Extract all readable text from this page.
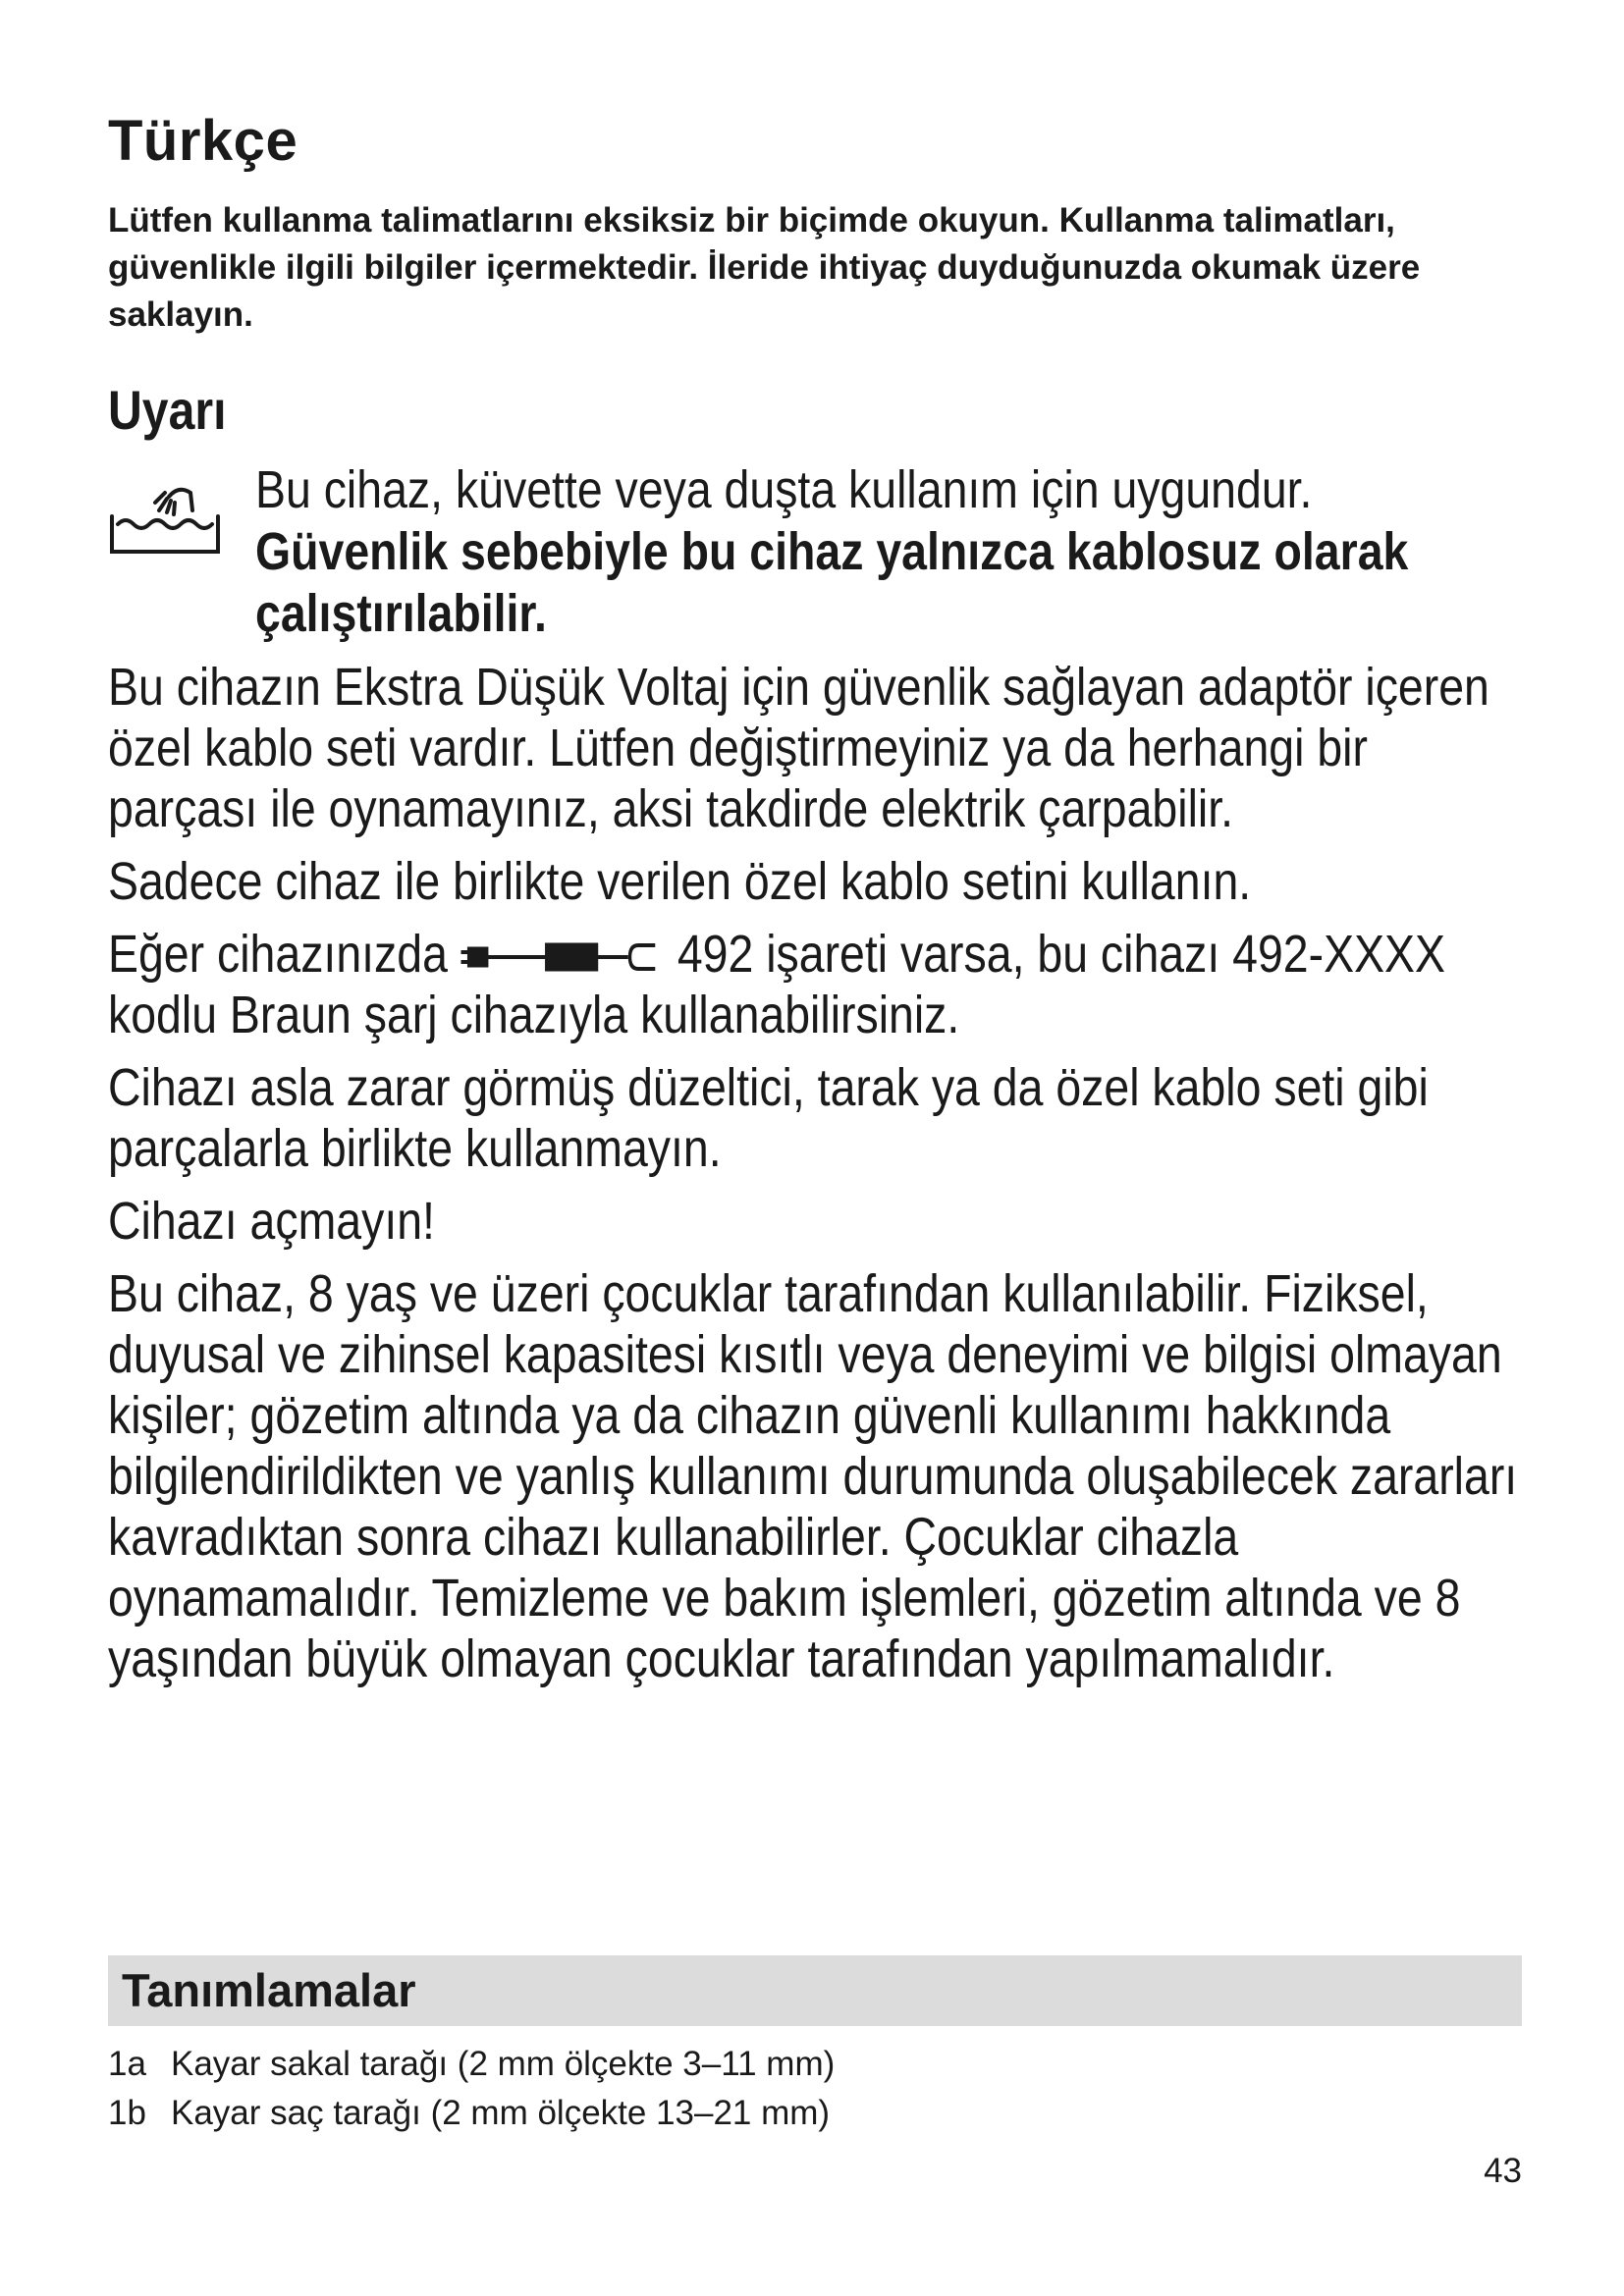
Türkçe

Lütfen kullanma talimatlarını eksiksiz bir biçimde okuyun. Kullanma talimatları, güvenlikle ilgili bilgiler içermektedir. İleride ihtiyaç duyduğunuzda okumak üzere saklayın.

Uyarı

Bu cihaz, küvette veya duşta kullanım için uygundur.

Güvenlik sebebiyle bu cihaz yalnızca kablosuz olarak çalıştırılabilir.

Bu cihazın Ekstra Düşük Voltaj için güvenlik sağlayan adaptör içeren özel kablo seti vardır. Lütfen değiştirmeyiniz ya da herhangi bir parçası ile oynamayınız, aksi takdirde elektrik çarpabilir.

Sadece cihaz ile birlikte verilen özel kablo setini kullanın.

Eğer cihazınızda	492 işareti varsa, bu cihazı 492-XXXX kodlu Braun şarj cihazıyla kullanabilirsiniz.

Cihazı asla zarar görmüş düzeltici, tarak ya da özel kablo seti gibi parçalarla birlikte kullanmayın.

Cihazı açmayın!

Bu cihaz, 8 yaş ve üzeri çocuklar tarafından kullanılabilir. Fiziksel, duyusal ve zihinsel kapasitesi kısıtlı veya deneyimi ve bilgisi olmayan kişiler; gözetim altında ya da cihazın güvenli kullanımı hakkında bilgilendirildikten ve yanlış kullanımı durumunda oluşabilecek zararları kavradıktan sonra cihazı kullanabilirler. Çocuklar cihazla oynamamalıdır. Temizleme ve bakım işlemleri, gözetim altında ve 8 yaşından büyük olmayan çocuklar tarafından yapılmamalıdır.

Tanımlamalar
1a Kayar sakal tarağı (2 mm ölçekte 3–11 mm)
1b Kayar saç tarağı (2 mm ölçekte 13–21 mm)
43
